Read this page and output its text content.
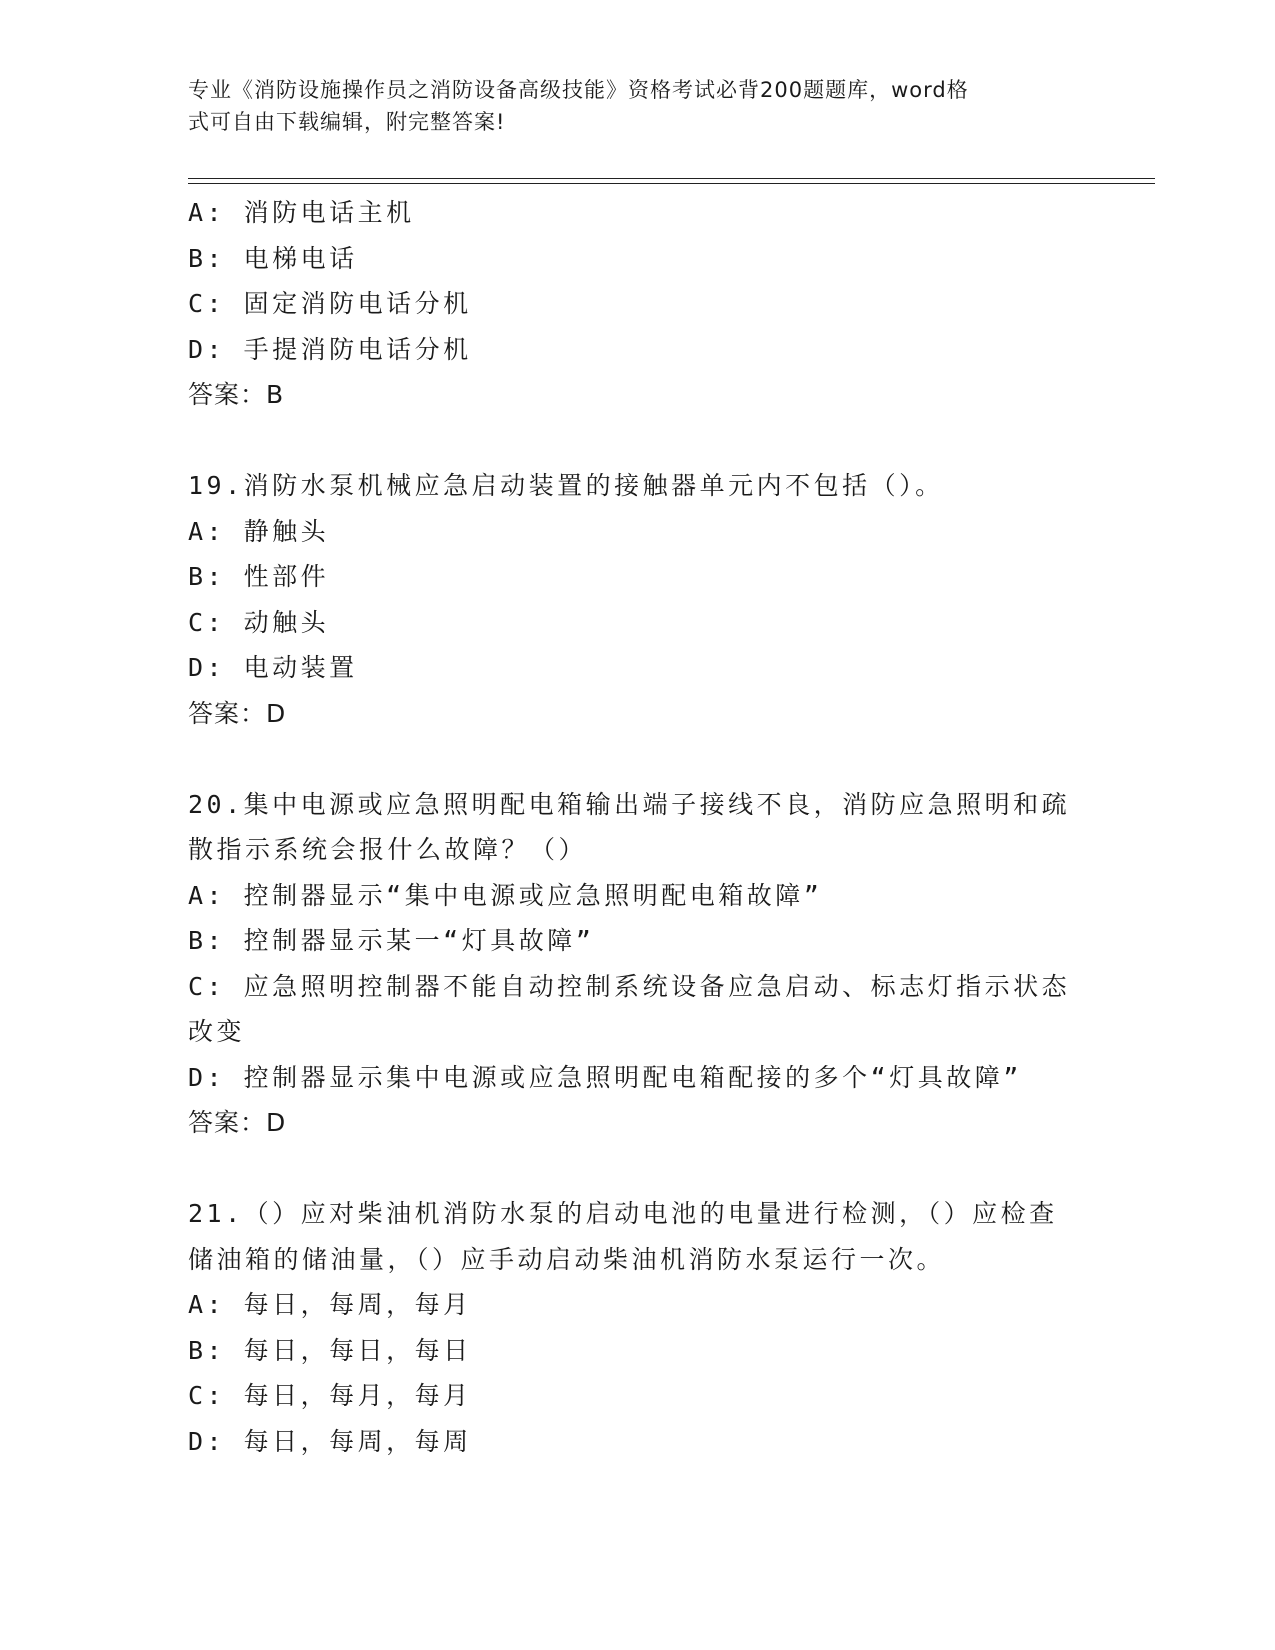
专业《消防设施操作员之消防设备高级技能》资格考试必背200题题库，word格
式可自由下载编辑，附完整答案!
A: 消防电话主机
B: 电梯电话
C: 固定消防电话分机
D: 手提消防电话分机
答案：B
19.消防水泵机械应急启动装置的接触器单元内不包括（）。
A: 静触头
B: 性部件
C: 动触头
D: 电动装置
答案：D
20.集中电源或应急照明配电箱输出端子接线不良，消防应急照明和疏
散指示系统会报什么故障？（）
A: 控制器显示“集中电源或应急照明配电箱故障”
B: 控制器显示某一“灯具故障”
C: 应急照明控制器不能自动控制系统设备应急启动、标志灯指示状态
改变
D: 控制器显示集中电源或应急照明配电箱配接的多个“灯具故障”
答案：D
21.（）应对柴油机消防水泵的启动电池的电量进行检测，（）应检查
储油箱的储油量，（）应手动启动柴油机消防水泵运行一次。
A: 每日，每周，每月
B: 每日，每日，每日
C: 每日，每月，每月
D: 每日，每周，每周
